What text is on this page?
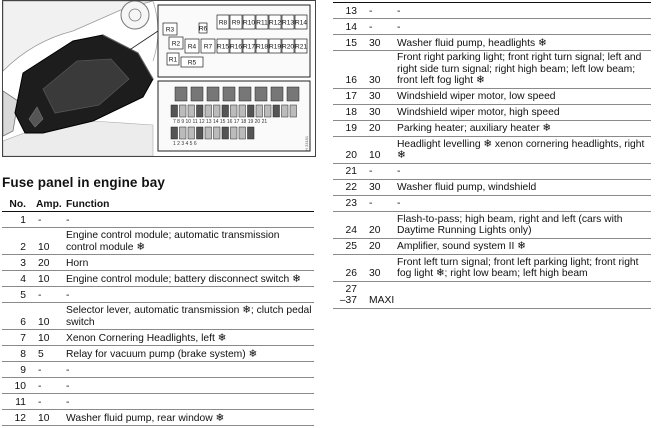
R3
R2
R1
R4
R5
R6
R7
R8 R9 R10 R11 R12 R13 R14
R15 R16 R17 R18 R19 R20 R21
7 8 9 10 11 12 13 14 15 16 17 18 19 20 21
1 2 3 4 5 6	H 33181
Fuse panel in engine bay
No.	Amp.	Function
1	-	-
2	10	Engine control module; automatic transmission control module ❄
3	20	Horn
4	10	Engine control module; battery disconnect switch ❄
5	-	-
6	10	Selector lever, automatic transmission ❄; clutch pedal switch
7	10	Xenon Cornering Headlights, left ❄
8	5	Relay for vacuum pump (brake system) ❄
9	-	-
10	-	-
11	-	-
12	10	Washer fluid pump, rear window ❄
13	-	-
14	-	-
15	30	Washer fluid pump, headlights ❄
16	30	Front right parking light; front right turn signal; left and right side turn signal; right high beam; left low beam; front left fog light ❄
17	30	Windshield wiper motor, low speed
18	30	Windshield wiper motor, high speed
19	20	Parking heater; auxiliary heater ❄
20	10	Headlight levelling ❄ xenon cornering headlights, right ❄
21	-	-
22	30	Washer fluid pump, windshield
23	-	-
24	20	Flash-to-pass; high beam, right and left (cars with Daytime Running Lights only)
25	20	Amplifier, sound system II ❄
26	30	Front left turn signal; front left parking light; front right fog light ❄; right low beam; left high beam
27
–37	MAXI	
